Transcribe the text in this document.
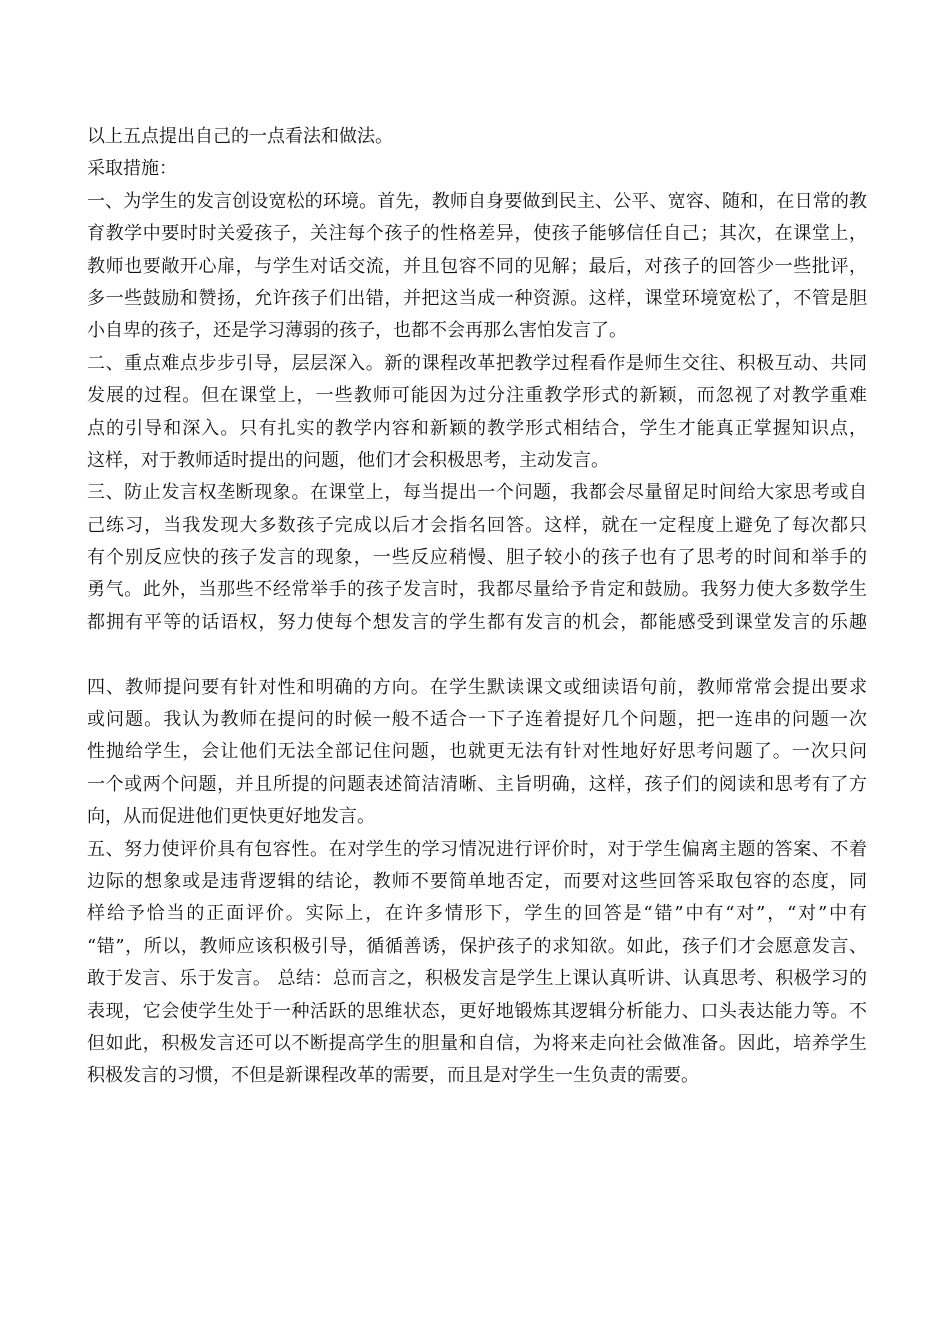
以上五点提出自己的一点看法和做法。
采取措施：
一、为学生的发言创设宽松的环境。首先，教师自身要做到民主、公平、宽容、随和，在日常的教
育教学中要时时关爱孩子，关注每个孩子的性格差异，使孩子能够信任自己；其次，在课堂上，
教师也要敞开心扉，与学生对话交流，并且包容不同的见解；最后，对孩子的回答少一些批评，
多一些鼓励和赞扬，允许孩子们出错，并把这当成一种资源。这样，课堂环境宽松了，不管是胆
小自卑的孩子，还是学习薄弱的孩子，也都不会再那么害怕发言了。
二、重点难点步步引导，层层深入。新的课程改革把教学过程看作是师生交往、积极互动、共同
发展的过程。但在课堂上，一些教师可能因为过分注重教学形式的新颖，而忽视了对教学重难
点的引导和深入。只有扎实的教学内容和新颖的教学形式相结合，学生才能真正掌握知识点，
这样，对于教师适时提出的问题，他们才会积极思考，主动发言。
三、防止发言权垄断现象。在课堂上，每当提出一个问题，我都会尽量留足时间给大家思考或自
己练习，当我发现大多数孩子完成以后才会指名回答。这样，就在一定程度上避免了每次都只
有个别反应快的孩子发言的现象，一些反应稍慢、胆子较小的孩子也有了思考的时间和举手的
勇气。此外，当那些不经常举手的孩子发言时，我都尽量给予肯定和鼓励。我努力使大多数学生
都拥有平等的话语权，努力使每个想发言的学生都有发言的机会，都能感受到课堂发言的乐趣
四、教师提问要有针对性和明确的方向。在学生默读课文或细读语句前，教师常常会提出要求
或问题。我认为教师在提问的时候一般不适合一下子连着提好几个问题，把一连串的问题一次
性抛给学生，会让他们无法全部记住问题，也就更无法有针对性地好好思考问题了。一次只问
一个或两个问题，并且所提的问题表述简洁清晰、主旨明确，这样，孩子们的阅读和思考有了方
向，从而促进他们更快更好地发言。
五、努力使评价具有包容性。在对学生的学习情况进行评价时，对于学生偏离主题的答案、不着
边际的想象或是违背逻辑的结论，教师不要简单地否定，而要对这些回答采取包容的态度，同
样给予恰当的正面评价。实际上，在许多情形下，学生的回答是“错”中有“对”，“对”中有
“错”，所以，教师应该积极引导，循循善诱，保护孩子的求知欲。如此，孩子们才会愿意发言、
敢于发言、乐于发言。 总结：总而言之，积极发言是学生上课认真听讲、认真思考、积极学习的
表现，它会使学生处于一种活跃的思维状态，更好地锻炼其逻辑分析能力、口头表达能力等。不
但如此，积极发言还可以不断提高学生的胆量和自信，为将来走向社会做准备。因此，培养学生
积极发言的习惯，不但是新课程改革的需要，而且是对学生一生负责的需要。
